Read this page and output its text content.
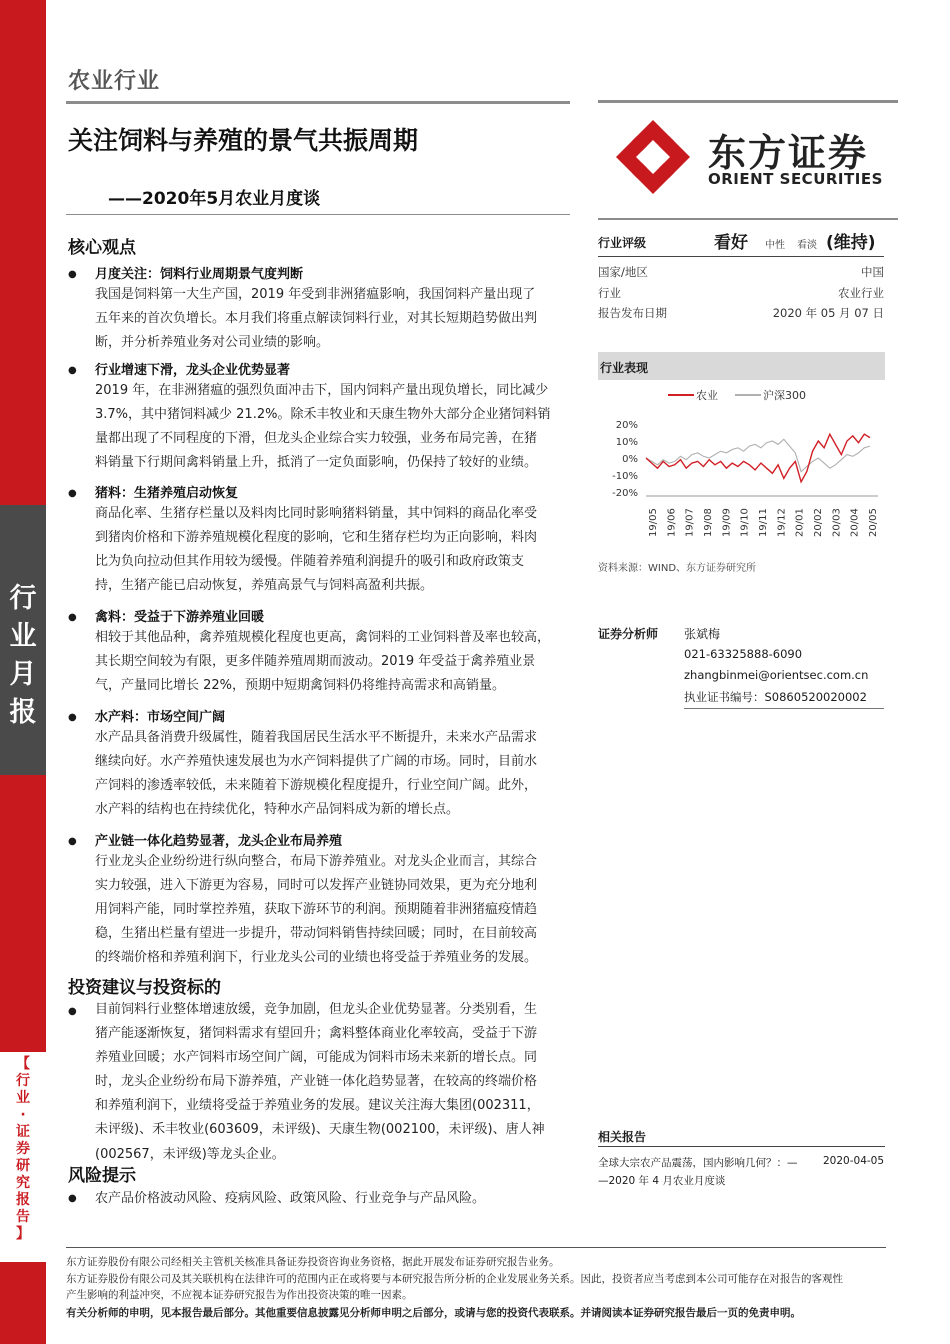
行
业
月
报
【
行
业
·
证
券
研
究
报
告
】
农业行业
关注饲料与养殖的景气共振周期
——2020年5月农业月度谈
东方证券
ORIENT SECURITIES
行业评级	看好 中性 看淡 (维持)
国家/地区	中国
行业	农业行业
报告发布日期	2020 年 05 月 07 日
行业表现
农业	沪深300
20%
10%
0%
-10%
-20%
19/05 19/06 19/07 19/08 19/09 19/10 19/11 19/12 20/01 20/02 20/03 20/04 20/05
资料来源：WIND、东方证券研究所
证券分析师 张斌梅
021-63325888-6090
zhangbinmei@orientsec.com.cn
执业证书编号：S0860520020002
相关报告
全球大宗农产品震荡，国内影响几何？：— 2020-04-05
—2020 年 4 月农业月度谈
核心观点
● 月度关注：饲料行业周期景气度判断
我国是饲料第一大生产国，2019 年受到非洲猪瘟影响，我国饲料产量出现了
五年来的首次负增长。本月我们将重点解读饲料行业，对其长短期趋势做出判
断，并分析养殖业务对公司业绩的影响。
● 行业增速下滑，龙头企业优势显著
2019 年，在非洲猪瘟的强烈负面冲击下，国内饲料产量出现负增长，同比减少
3.7%，其中猪饲料减少 21.2%。除禾丰牧业和天康生物外大部分企业猪饲料销
量都出现了不同程度的下滑，但龙头企业综合实力较强，业务布局完善，在猪
料销量下行期间禽料销量上升，抵消了一定负面影响，仍保持了较好的业绩。
● 猪料：生猪养殖启动恢复
商品化率、生猪存栏量以及料肉比同时影响猪料销量，其中饲料的商品化率受
到猪肉价格和下游养殖规模化程度的影响，它和生猪存栏均为正向影响，料肉
比为负向拉动但其作用较为缓慢。伴随着养殖利润提升的吸引和政府政策支
持，生猪产能已启动恢复，养殖高景气与饲料高盈利共振。
● 禽料：受益于下游养殖业回暖
相较于其他品种，禽养殖规模化程度也更高，禽饲料的工业饲料普及率也较高，
其长期空间较为有限，更多伴随养殖周期而波动。2019 年受益于禽养殖业景
气，产量同比增长 22%，预期中短期禽饲料仍将维持高需求和高销量。
● 水产料：市场空间广阔
水产品具备消费升级属性，随着我国居民生活水平不断提升，未来水产品需求
继续向好。水产养殖快速发展也为水产饲料提供了广阔的市场。同时，目前水
产饲料的渗透率较低，未来随着下游规模化程度提升，行业空间广阔。此外，
水产料的结构也在持续优化，特种水产品饲料成为新的增长点。
● 产业链一体化趋势显著，龙头企业布局养殖
行业龙头企业纷纷进行纵向整合，布局下游养殖业。对龙头企业而言，其综合
实力较强，进入下游更为容易，同时可以发挥产业链协同效果，更为充分地利
用饲料产能，同时掌控养殖，获取下游环节的利润。预期随着非洲猪瘟疫情趋
稳，生猪出栏量有望进一步提升，带动饲料销售持续回暖；同时，在目前较高
的终端价格和养殖利润下，行业龙头公司的业绩也将受益于养殖业务的发展。
投资建议与投资标的
● 目前饲料行业整体增速放缓，竞争加剧，但龙头企业优势显著。分类别看，生
猪产能逐渐恢复，猪饲料需求有望回升；禽料整体商业化率较高，受益于下游
养殖业回暖；水产饲料市场空间广阔，可能成为饲料市场未来新的增长点。同
时，龙头企业纷纷布局下游养殖，产业链一体化趋势显著，在较高的终端价格
和养殖利润下，业绩将受益于养殖业务的发展。建议关注海大集团(002311，
未评级)、禾丰牧业(603609，未评级)、天康生物(002100，未评级)、唐人神
(002567，未评级)等龙头企业。
风险提示
● 农产品价格波动风险、疫病风险、政策风险、行业竞争与产品风险。
东方证券股份有限公司经相关主管机关核准具备证券投资咨询业务资格，据此开展发布证券研究报告业务。
东方证券股份有限公司及其关联机构在法律许可的范围内正在或将要与本研究报告所分析的企业发展业务关系。因此，投资者应当考虑到本公司可能存在对报告的客观性
产生影响的利益冲突，不应视本证券研究报告为作出投资决策的唯一因素。
有关分析师的申明，见本报告最后部分。其他重要信息披露见分析师申明之后部分，或请与您的投资代表联系。并请阅读本证券研究报告最后一页的免责申明。
